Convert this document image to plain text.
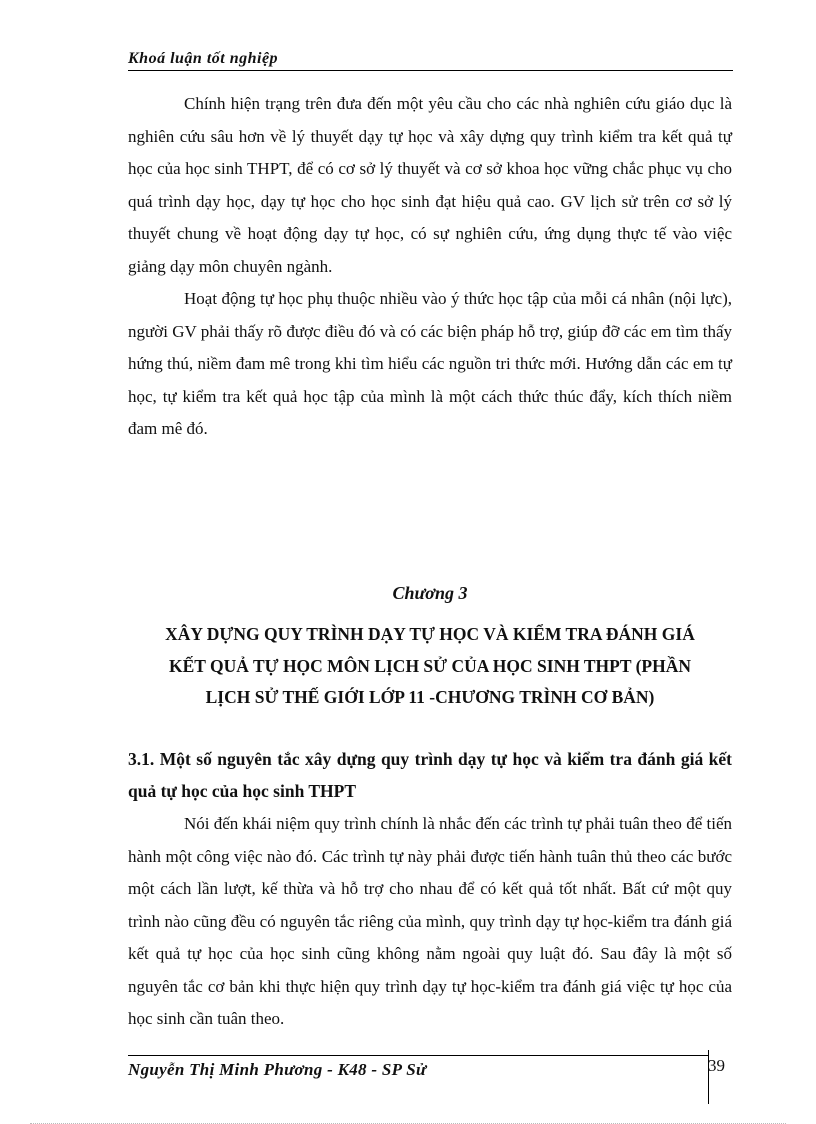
Khoá luận tốt nghiệp

Chính hiện trạng trên đưa đến một yêu cầu cho các nhà nghiên cứu giáo dục là nghiên cứu sâu hơn về lý thuyết dạy tự học và xây dựng quy trình kiểm tra kết quả tự học của học sinh THPT, để có cơ sở lý thuyết và cơ sở khoa học vững chắc phục vụ cho quá trình dạy học, dạy tự học cho học sinh đạt hiệu quả cao. GV lịch sử trên cơ sở lý thuyết chung về hoạt động dạy tự học, có sự nghiên cứu, ứng dụng thực tế vào việc giảng dạy môn chuyên ngành.

Hoạt động tự học phụ thuộc nhiều vào ý thức học tập của mỗi cá nhân (nội lực), người GV phải thấy rõ được điều đó và có các biện pháp hỗ trợ, giúp đỡ các em tìm thấy hứng thú, niềm đam mê trong khi tìm hiểu các nguồn tri thức mới. Hướng dẫn các em tự học, tự kiểm tra kết quả học tập của mình là một cách thức thúc đẩy, kích thích niềm đam mê đó.

Chương 3
XÂY DỰNG QUY TRÌNH DẠY TỰ HỌC VÀ KIỂM TRA ĐÁNH GIÁ
KẾT QUẢ TỰ HỌC MÔN LỊCH SỬ CỦA HỌC SINH THPT (PHẦN
LỊCH SỬ THẾ GIỚI LỚP 11 -CHƯƠNG TRÌNH CƠ BẢN)

3.1. Một số nguyên tắc xây dựng quy trình dạy tự học và kiểm tra đánh giá kết quả tự học của học sinh THPT

Nói đến khái niệm quy trình chính là nhắc đến các trình tự phải tuân theo để tiến hành một công việc nào đó. Các trình tự này phải được tiến hành tuân thủ theo các bước một cách lần lượt, kế thừa và hỗ trợ cho nhau để có kết quả tốt nhất. Bất cứ một quy trình nào cũng đều có nguyên tắc riêng của mình, quy trình dạy tự học-kiểm tra đánh giá kết quả tự học của học sinh cũng không nằm ngoài quy luật đó. Sau đây là một số nguyên tắc cơ bản khi thực hiện quy trình dạy tự học-kiểm tra đánh giá việc tự học của học sinh cần tuân theo.

Nguyễn Thị Minh Phương - K48 - SP Sử	39
